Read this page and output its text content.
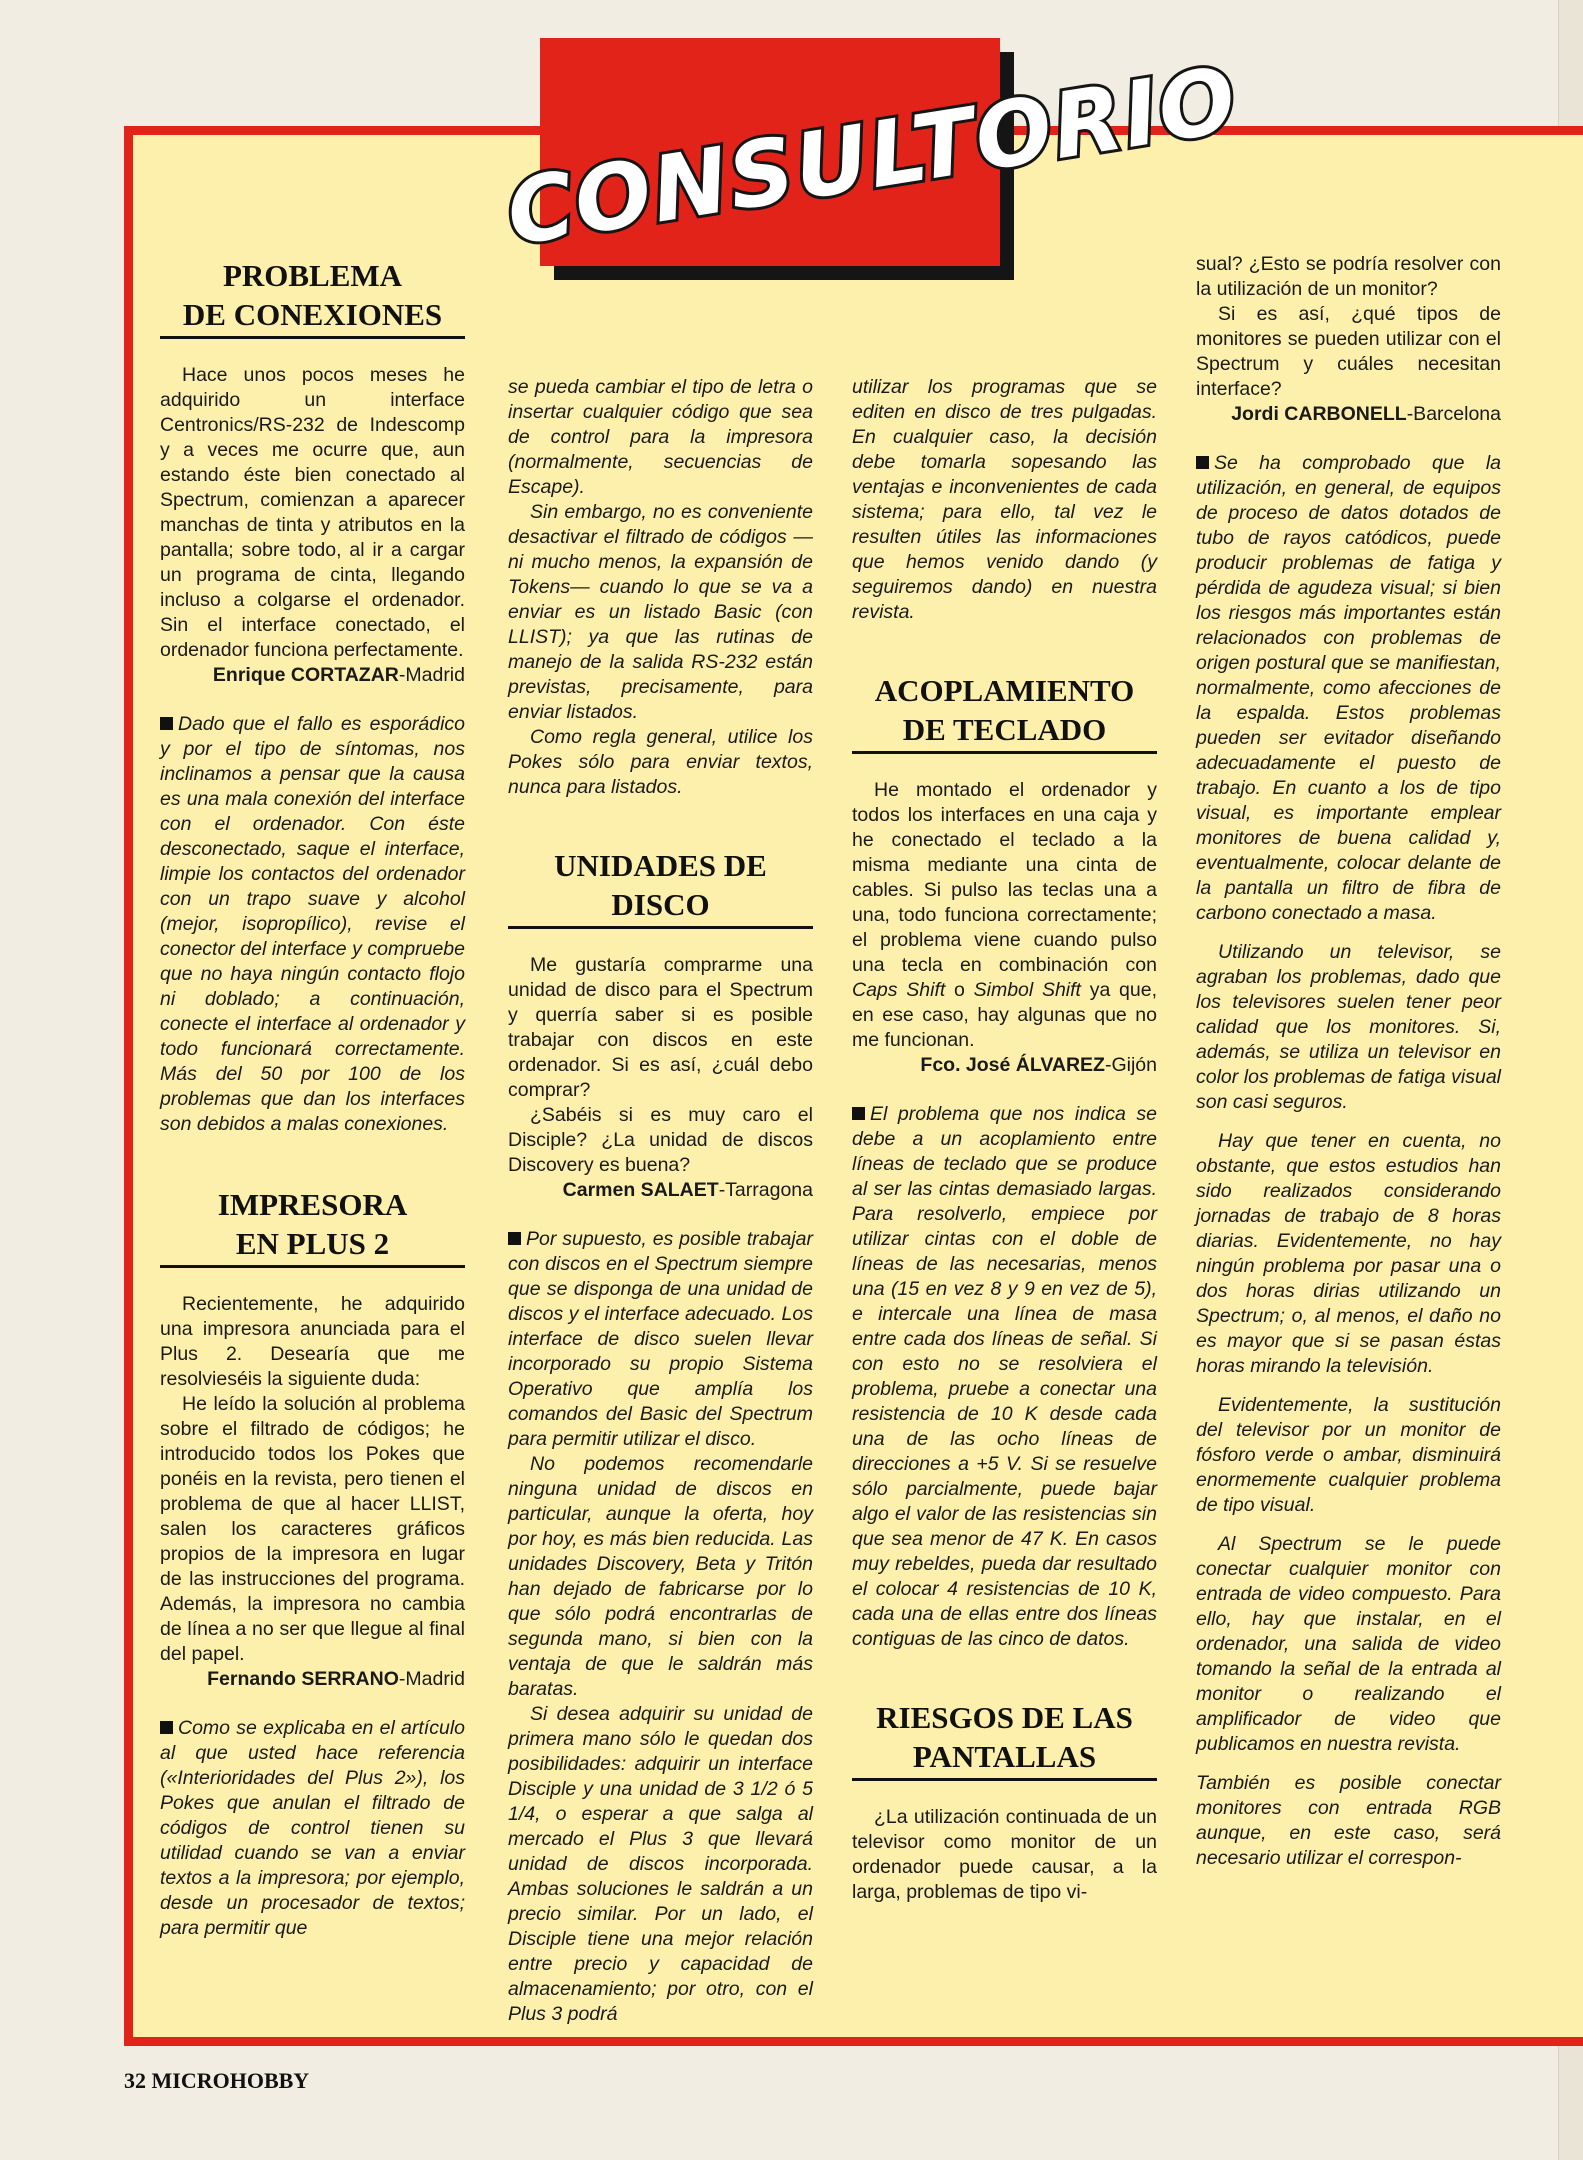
CONSULTORIO
PROBLEMA
DE CONEXIONES

Hace unos pocos meses he adquirido un interface Centronics/RS-232 de Indescomp y a veces me ocurre que, aun estando éste bien conectado al Spectrum, comienzan a aparecer manchas de tinta y atributos en la pantalla; sobre todo, al ir a cargar un programa de cinta, llegando incluso a colgarse el ordenador. Sin el interface conectado, el ordenador funciona perfectamente.

Enrique CORTAZAR-Madrid

Dado que el fallo es esporádico y por el tipo de síntomas, nos inclinamos a pensar que la causa es una mala conexión del interface con el ordenador. Con éste desconectado, saque el interface, limpie los contactos del ordenador con un trapo suave y alcohol (mejor, isopropílico), revise el conector del interface y compruebe que no haya ningún contacto flojo ni doblado; a continuación, conecte el interface al ordenador y todo funcionará correctamente. Más del 50 por 100 de los problemas que dan los interfaces son debidos a malas conexiones.

IMPRESORA
EN PLUS 2

Recientemente, he adquirido una impresora anunciada para el Plus 2. Desearía que me resolvieséis la siguiente duda:

He leído la solución al problema sobre el filtrado de códigos; he introducido todos los Pokes que ponéis en la revista, pero tienen el problema de que al hacer LLIST, salen los caracteres gráficos propios de la impresora en lugar de las instrucciones del programa. Además, la impresora no cambia de línea a no ser que llegue al final del papel.

Fernando SERRANO-Madrid

Como se explicaba en el artículo al que usted hace referencia («Interioridades del Plus 2»), los Pokes que anulan el filtrado de códigos de control tienen su utilidad cuando se van a enviar textos a la impresora; por ejemplo, desde un procesador de textos; para permitir que

se pueda cambiar el tipo de letra o insertar cualquier código que sea de control para la impresora (normalmente, secuencias de Escape).

Sin embargo, no es conveniente desactivar el filtrado de códigos —ni mucho menos, la expansión de Tokens— cuando lo que se va a enviar es un listado Basic (con LLIST); ya que las rutinas de manejo de la salida RS-232 están previstas, precisamente, para enviar listados.

Como regla general, utilice los Pokes sólo para enviar textos, nunca para listados.

UNIDADES DE DISCO

Me gustaría comprarme una unidad de disco para el Spectrum y querría saber si es posible trabajar con discos en este ordenador. Si es así, ¿cuál debo comprar?

¿Sabéis si es muy caro el Disciple? ¿La unidad de discos Discovery es buena?

Carmen SALAET-Tarragona

Por supuesto, es posible trabajar con discos en el Spectrum siempre que se disponga de una unidad de discos y el interface adecuado. Los interface de disco suelen llevar incorporado su propio Sistema Operativo que amplía los comandos del Basic del Spectrum para permitir utilizar el disco.

No podemos recomendarle ninguna unidad de discos en particular, aunque la oferta, hoy por hoy, es más bien reducida. Las unidades Discovery, Beta y Tritón han dejado de fabricarse por lo que sólo podrá encontrarlas de segunda mano, si bien con la ventaja de que le saldrán más baratas.

Si desea adquirir su unidad de primera mano sólo le quedan dos posibilidades: adquirir un interface Disciple y una unidad de 3 1/2 ó 5 1/4, o esperar a que salga al mercado el Plus 3 que llevará unidad de discos incorporada. Ambas soluciones le saldrán a un precio similar. Por un lado, el Disciple tiene una mejor relación entre precio y capacidad de almacenamiento; por otro, con el Plus 3 podrá

utilizar los programas que se editen en disco de tres pulgadas. En cualquier caso, la decisión debe tomarla sopesando las ventajas e inconvenientes de cada sistema; para ello, tal vez le resulten útiles las informaciones que hemos venido dando (y seguiremos dando) en nuestra revista.

ACOPLAMIENTO
DE TECLADO

He montado el ordenador y todos los interfaces en una caja y he conectado el teclado a la misma mediante una cinta de cables. Si pulso las teclas una a una, todo funciona correctamente; el problema viene cuando pulso una tecla en combinación con Caps Shift o Simbol Shift ya que, en ese caso, hay algunas que no me funcionan.

Fco. José ÁLVAREZ-Gijón

El problema que nos indica se debe a un acoplamiento entre líneas de teclado que se produce al ser las cintas demasiado largas. Para resolverlo, empiece por utilizar cintas con el doble de líneas de las necesarias, menos una (15 en vez 8 y 9 en vez de 5), e intercale una línea de masa entre cada dos líneas de señal. Si con esto no se resolviera el problema, pruebe a conectar una resistencia de 10 K desde cada una de las ocho líneas de direcciones a +5 V. Si se resuelve sólo parcialmente, puede bajar algo el valor de las resistencias sin que sea menor de 47 K. En casos muy rebeldes, pueda dar resultado el colocar 4 resistencias de 10 K, cada una de ellas entre dos líneas contiguas de las cinco de datos.

RIESGOS DE LAS
PANTALLAS

¿La utilización continuada de un televisor como monitor de un ordenador puede causar, a la larga, problemas de tipo vi-

sual? ¿Esto se podría resolver con la utilización de un monitor?

Si es así, ¿qué tipos de monitores se pueden utilizar con el Spectrum y cuáles necesitan interface?

Jordi CARBONELL-Barcelona

Se ha comprobado que la utilización, en general, de equipos de proceso de datos dotados de tubo de rayos catódicos, puede producir problemas de fatiga y pérdida de agudeza visual; si bien los riesgos más importantes están relacionados con problemas de origen postural que se manifiestan, normalmente, como afecciones de la espalda. Estos problemas pueden ser evitador diseñando adecuadamente el puesto de trabajo. En cuanto a los de tipo visual, es importante emplear monitores de buena calidad y, eventualmente, colocar delante de la pantalla un filtro de fibra de carbono conectado a masa.

Utilizando un televisor, se agraban los problemas, dado que los televisores suelen tener peor calidad que los monitores. Si, además, se utiliza un televisor en color los problemas de fatiga visual son casi seguros.

Hay que tener en cuenta, no obstante, que estos estudios han sido realizados considerando jornadas de trabajo de 8 horas diarias. Evidentemente, no hay ningún problema por pasar una o dos horas dirias utilizando un Spectrum; o, al menos, el daño no es mayor que si se pasan éstas horas mirando la televisión.

Evidentemente, la sustitución del televisor por un monitor de fósforo verde o ambar, disminuirá enormemente cualquier problema de tipo visual.

Al Spectrum se le puede conectar cualquier monitor con entrada de video compuesto. Para ello, hay que instalar, en el ordenador, una salida de video tomando la señal de la entrada al monitor o realizando el amplificador de video que publicamos en nuestra revista.

También es posible conectar monitores con entrada RGB aunque, en este caso, será necesario utilizar el correspon-

32 MICROHOBBY
